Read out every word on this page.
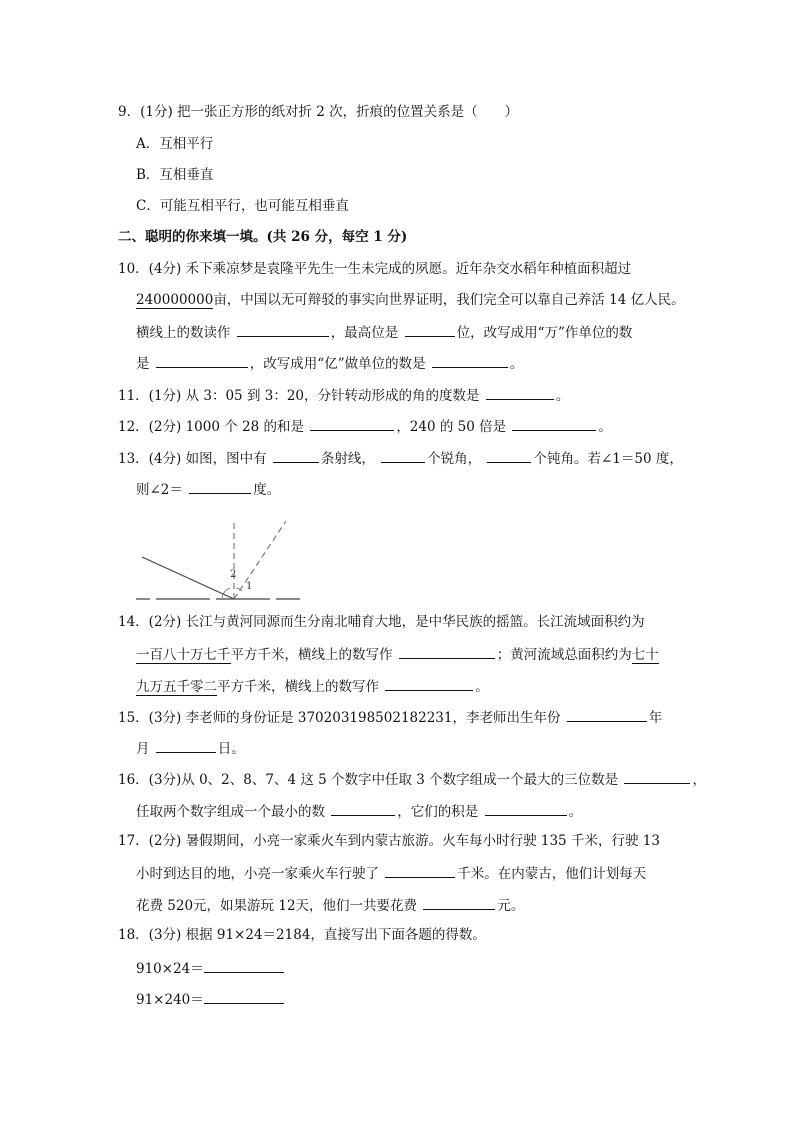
9．(1分) 把一张正方形的纸对折 2 次，折痕的位置关系是（　　）
A．互相平行
B．互相垂直
C．可能互相平行，也可能互相垂直
二、聪明的你来填一填。(共 26 分，每空 1 分)
10．(4分) 禾下乘凉梦是袁隆平先生一生未完成的夙愿。近年杂交水稻年种植面积超过
240000000亩，中国以无可辩驳的事实向世界证明，我们完全可以靠自己养活 14 亿人民。
横线上的数读作	，最高位是	位，改写成用“万”作单位的数
是	，改写成用“亿”做单位的数是	。
11．(1分) 从 3：05 到 3：20，分针转动形成的角的度数是	。
12．(2分) 1000 个 28 的和是	，240 的 50 倍是	。
13．(4分) 如图，图中有	条射线，	个锐角，	个钝角。若∠1＝50 度，
则∠2＝	度。
2
1
14．(2分) 长江与黄河同源而生分南北哺育大地，是中华民族的摇篮。长江流域面积约为
一百八十万七千平方千米，横线上的数写作	；黄河流域总面积约为七十
九万五千零二平方千米，横线上的数写作	。
15．(3分) 李老师的身份证是 370203198502182231，李老师出生年份	年
月	日。
16．(3分)从 0、2、8、7、4 这 5 个数字中任取 3 个数字组成一个最大的三位数是	，
任取两个数字组成一个最小的数	，它们的积是	。
17．(2分) 暑假期间，小亮一家乘火车到内蒙古旅游。火车每小时行驶 135 千米，行驶 13
小时到达目的地，小亮一家乘火车行驶了	千米。在内蒙古，他们计划每天
花费 520元，如果游玩 12天，他们一共要花费	元。
18．(3分) 根据 91×24＝2184，直接写出下面各题的得数。
910×24＝
91×240＝
